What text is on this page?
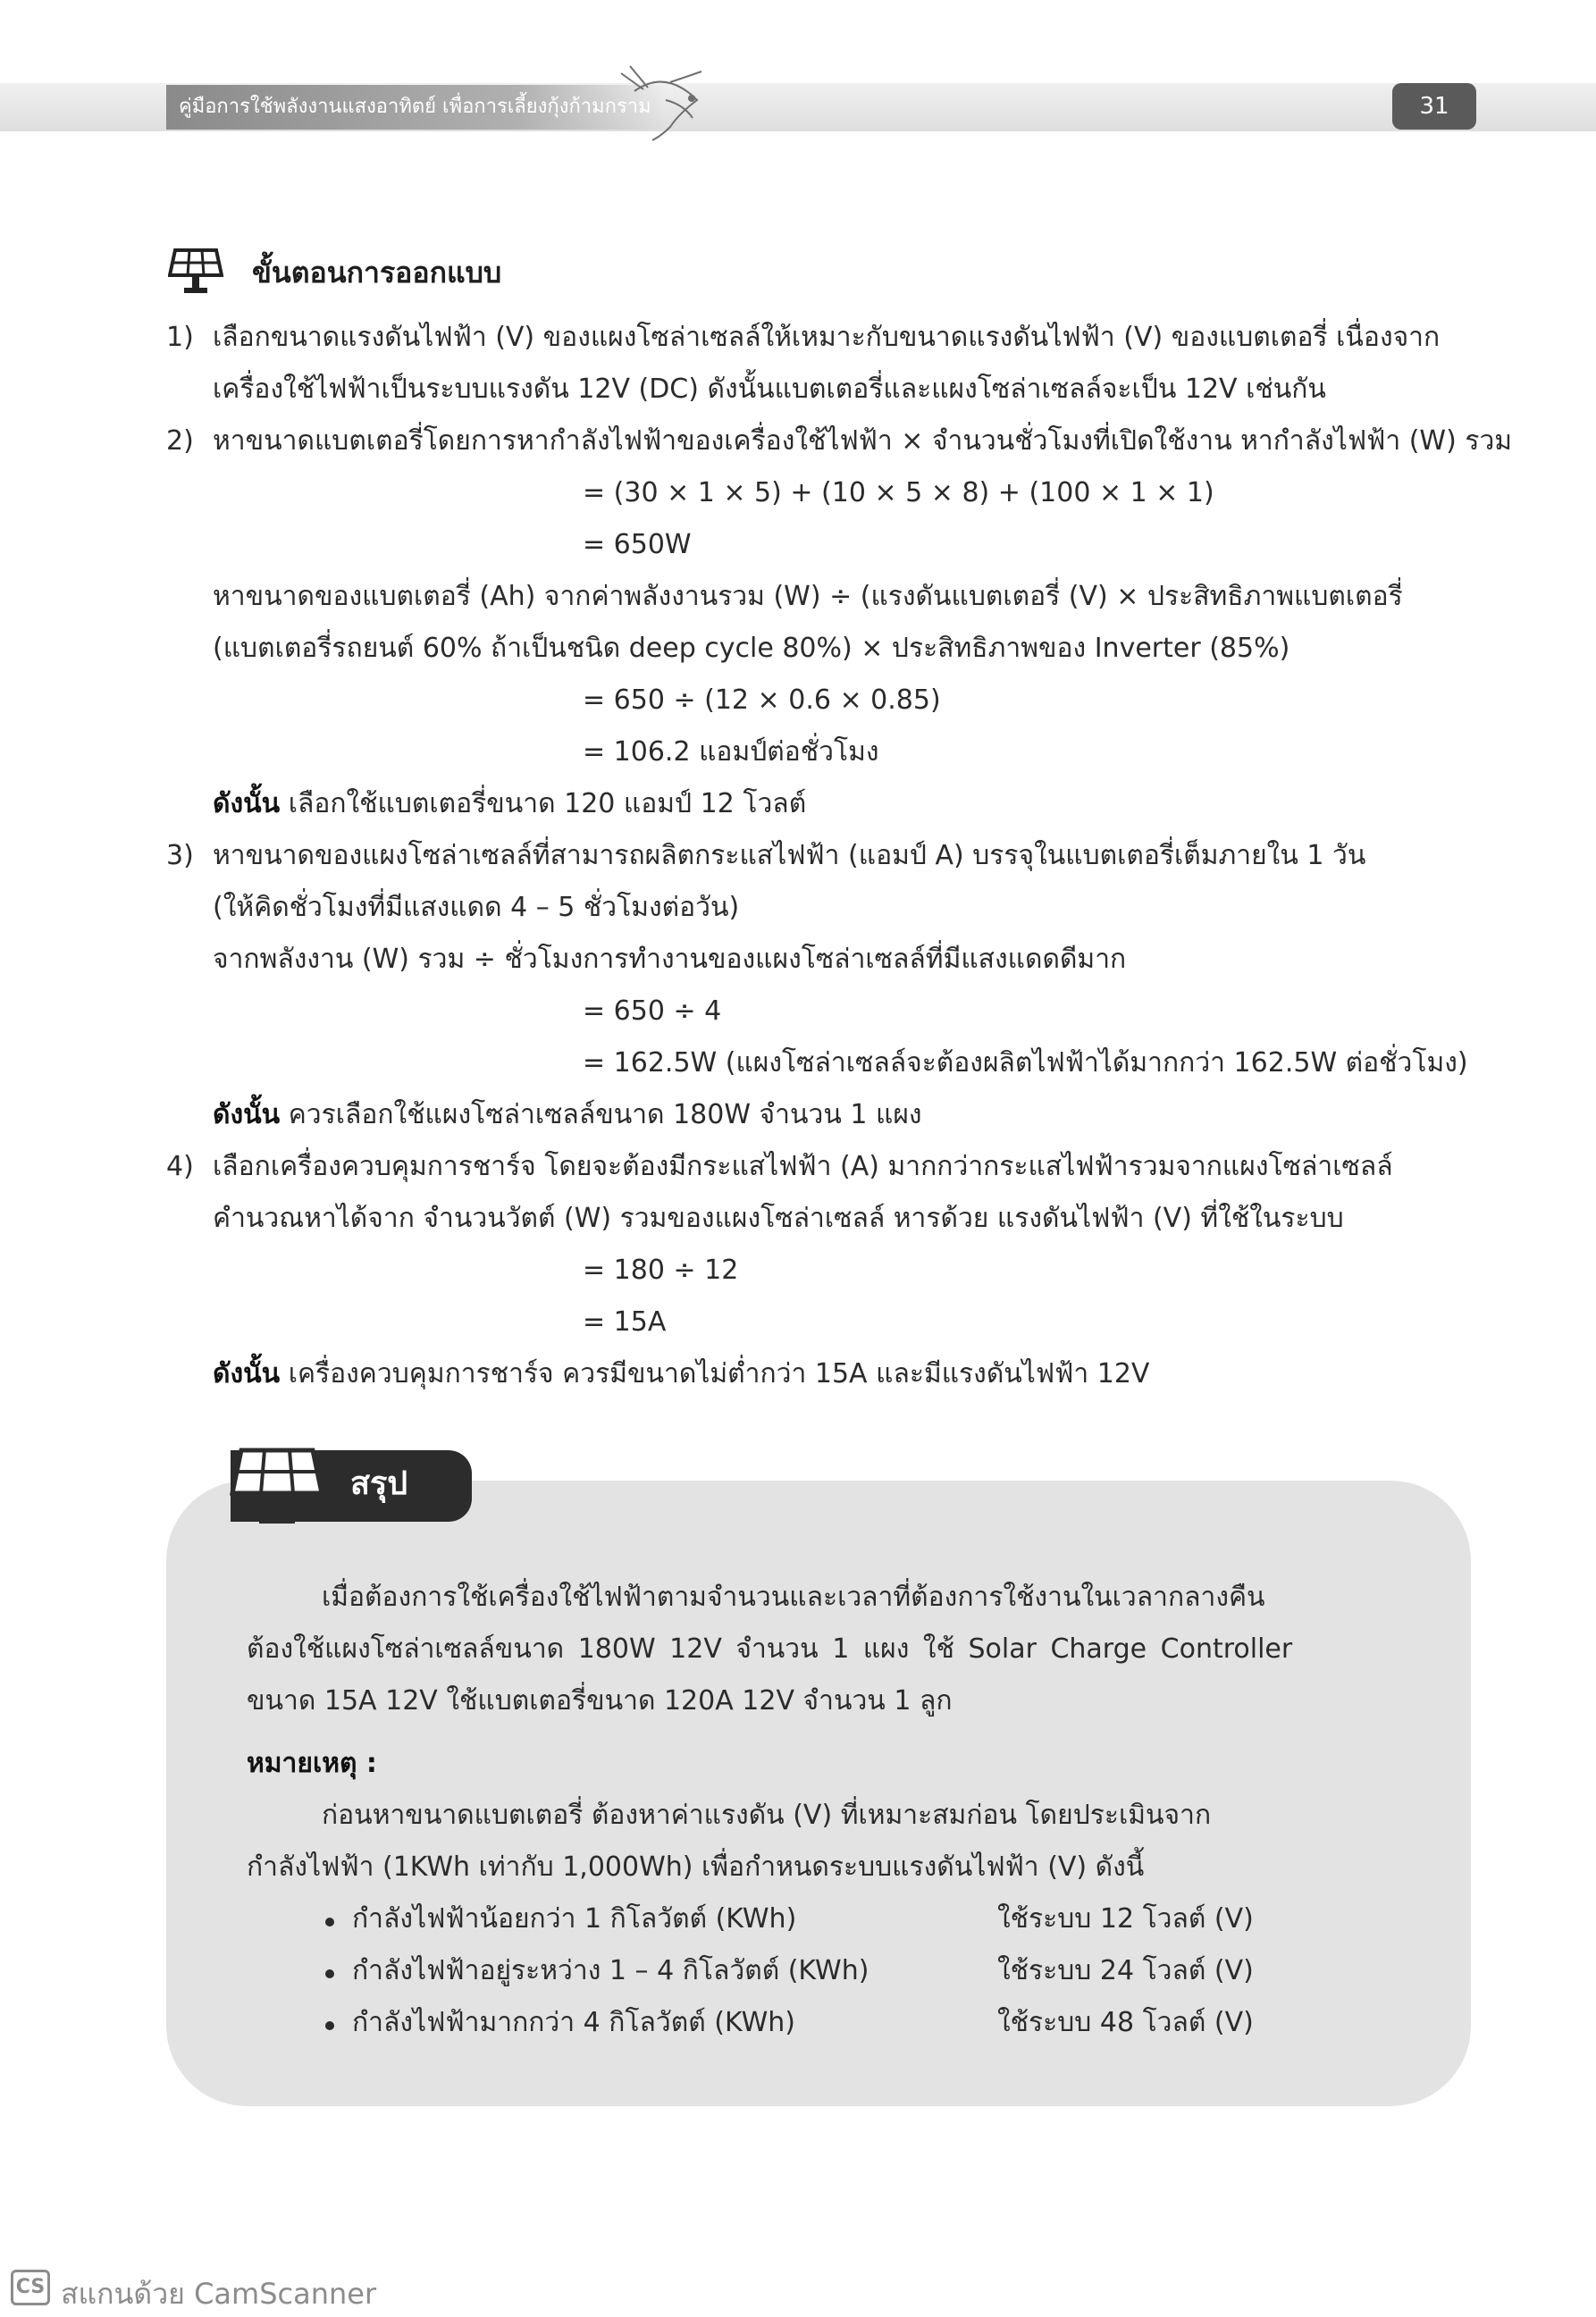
คู่มือการใช้พลังงานแสงอาทิตย์ เพื่อการเลี้ยงกุ้งก้ามกราม	31
ขั้นตอนการออกแบบ
1) เลือกขนาดแรงดันไฟฟ้า (V) ของแผงโซล่าเซลล์ให้เหมาะกับขนาดแรงดันไฟฟ้า (V) ของแบตเตอรี่ เนื่องจาก
เครื่องใช้ไฟฟ้าเป็นระบบแรงดัน 12V (DC) ดังนั้นแบตเตอรี่และแผงโซล่าเซลล์จะเป็น 12V เช่นกัน
2) หาขนาดแบตเตอรี่โดยการหากำลังไฟฟ้าของเครื่องใช้ไฟฟ้า × จำนวนชั่วโมงที่เปิดใช้งาน หากำลังไฟฟ้า (W) รวม
= (30 × 1 × 5) + (10 × 5 × 8) + (100 × 1 × 1)
= 650W
หาขนาดของแบตเตอรี่ (Ah) จากค่าพลังงานรวม (W) ÷ (แรงดันแบตเตอรี่ (V) × ประสิทธิภาพแบตเตอรี่
(แบตเตอรี่รถยนต์ 60% ถ้าเป็นชนิด deep cycle 80%) × ประสิทธิภาพของ Inverter (85%)
= 650 ÷ (12 × 0.6 × 0.85)
= 106.2 แอมป์ต่อชั่วโมง
ดังนั้น เลือกใช้แบตเตอรี่ขนาด 120 แอมป์ 12 โวลต์
3) หาขนาดของแผงโซล่าเซลล์ที่สามารถผลิตกระแสไฟฟ้า (แอมป์ A) บรรจุในแบตเตอรี่เต็มภายใน 1 วัน
(ให้คิดชั่วโมงที่มีแสงแดด 4 – 5 ชั่วโมงต่อวัน)
จากพลังงาน (W) รวม ÷ ชั่วโมงการทำงานของแผงโซล่าเซลล์ที่มีแสงแดดดีมาก
= 650 ÷ 4
= 162.5W (แผงโซล่าเซลล์จะต้องผลิตไฟฟ้าได้มากกว่า 162.5W ต่อชั่วโมง)
ดังนั้น ควรเลือกใช้แผงโซล่าเซลล์ขนาด 180W จำนวน 1 แผง
4) เลือกเครื่องควบคุมการชาร์จ โดยจะต้องมีกระแสไฟฟ้า (A) มากกว่ากระแสไฟฟ้ารวมจากแผงโซล่าเซลล์
คำนวณหาได้จาก จำนวนวัตต์ (W) รวมของแผงโซล่าเซลล์ หารด้วย แรงดันไฟฟ้า (V) ที่ใช้ในระบบ
= 180 ÷ 12
= 15A
ดังนั้น เครื่องควบคุมการชาร์จ ควรมีขนาดไม่ต่ำกว่า 15A และมีแรงดันไฟฟ้า 12V
สรุป
เมื่อต้องการใช้เครื่องใช้ไฟฟ้าตามจำนวนและเวลาที่ต้องการใช้งานในเวลากลางคืน
ต้องใช้แผงโซล่าเซลล์ขนาด 180W 12V จำนวน 1 แผง ใช้ Solar Charge Controller
ขนาด 15A 12V ใช้แบตเตอรี่ขนาด 120A 12V จำนวน 1 ลูก
หมายเหตุ :
ก่อนหาขนาดแบตเตอรี่ ต้องหาค่าแรงดัน (V) ที่เหมาะสมก่อน โดยประเมินจาก
กำลังไฟฟ้า (1KWh เท่ากับ 1,000Wh) เพื่อกำหนดระบบแรงดันไฟฟ้า (V) ดังนี้
กำลังไฟฟ้าน้อยกว่า 1 กิโลวัตต์ (KWh)	ใช้ระบบ 12 โวลต์ (V)
กำลังไฟฟ้าอยู่ระหว่าง 1 – 4 กิโลวัตต์ (KWh)	ใช้ระบบ 24 โวลต์ (V)
กำลังไฟฟ้ามากกว่า 4 กิโลวัตต์ (KWh)	ใช้ระบบ 48 โวลต์ (V)
CS สแกนด้วย CamScanner
